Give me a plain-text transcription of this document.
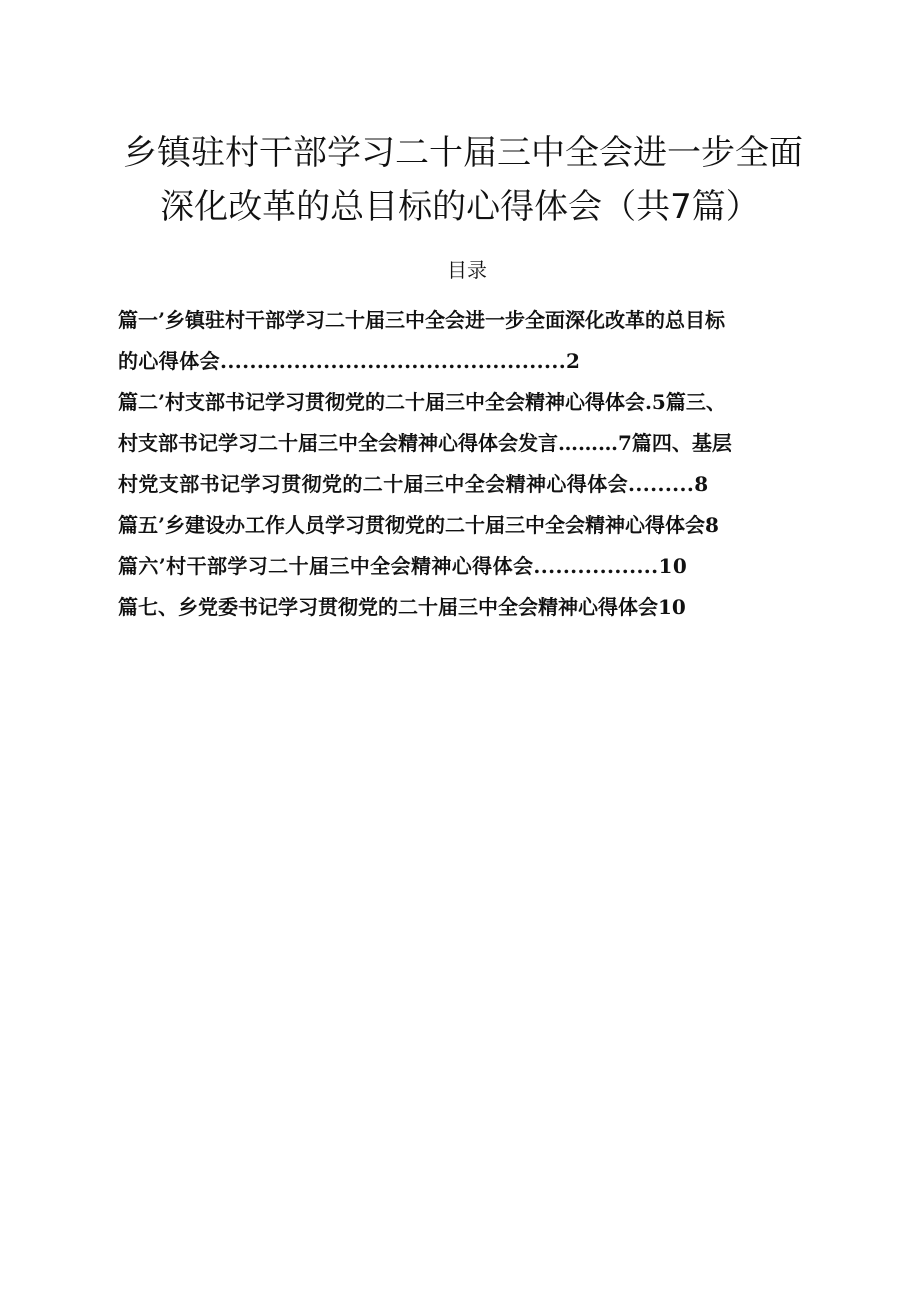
乡镇驻村干部学习二十届三中全会进一步全面
深化改革的总目标的心得体会（共7篇）
目录
篇一’乡镇驻村干部学习二十届三中全会进一步全面深化改革的总目标
的心得体会...............................................2
篇二’村支部书记学习贯彻党的二十届三中全会精神心得体会.5篇三、
村支部书记学习二十届三中全会精神心得体会发言………7篇四、基层
村党支部书记学习贯彻党的二十届三中全会精神心得体会.........8
篇五’乡建设办工作人员学习贯彻党的二十届三中全会精神心得体会8
篇六’村干部学习二十届三中全会精神心得体会.................10
篇七、乡党委书记学习贯彻党的二十届三中全会精神心得体会10
